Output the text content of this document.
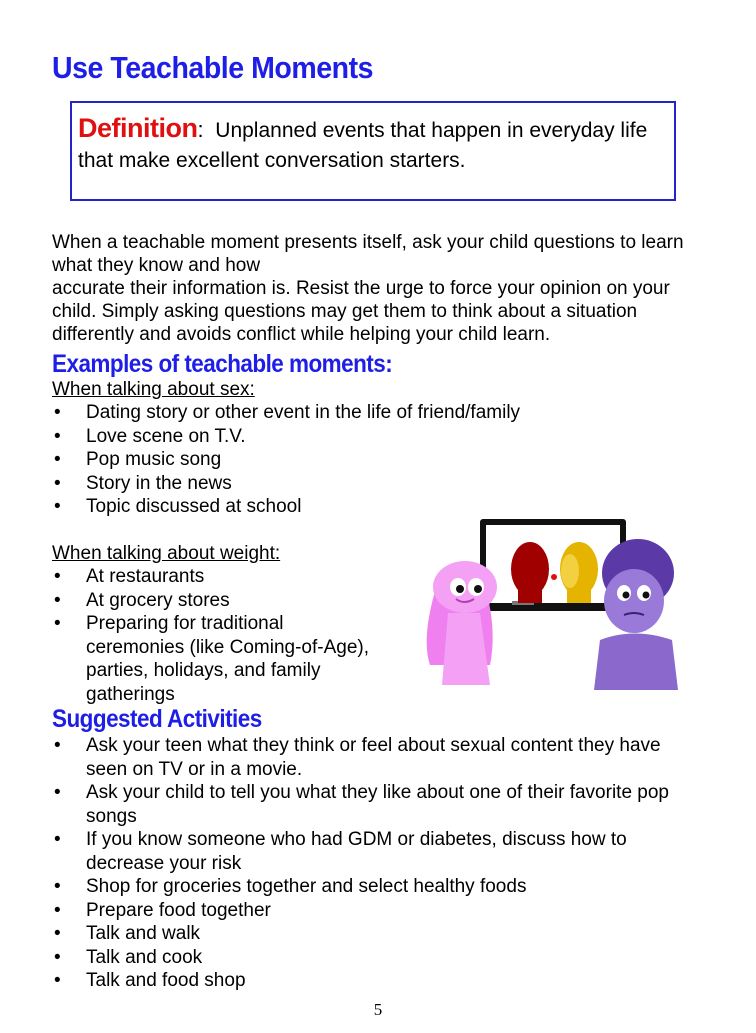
Use Teachable Moments
Definition: Unplanned events that happen in everyday life that make excellent conversation starters.
When a teachable moment presents itself, ask your child questions to learn what they know and how
accurate their information is. Resist the urge to force your opinion on your child. Simply asking questions may get them to think about a situation differently and avoids conflict while helping your child learn.
Examples of teachable moments:
When talking about sex:
• Dating story or other event in the life of friend/family
• Love scene on T.V.
• Pop music song
• Story in the news
• Topic discussed at school
When talking about weight:
• At restaurants
• At grocery stores
• Preparing for traditional ceremonies (like Coming-of-Age), parties, holidays, and family gatherings
Suggested Activities
• Ask your teen what they think or feel about sexual content they have seen on TV or in a movie.
• Ask your child to tell you what they like about one of their favorite pop songs
• If you know someone who had GDM or diabetes, discuss how to decrease your risk
• Shop for groceries together and select healthy foods
• Prepare food together
• Talk and walk
• Talk and cook
• Talk and food shop
5
